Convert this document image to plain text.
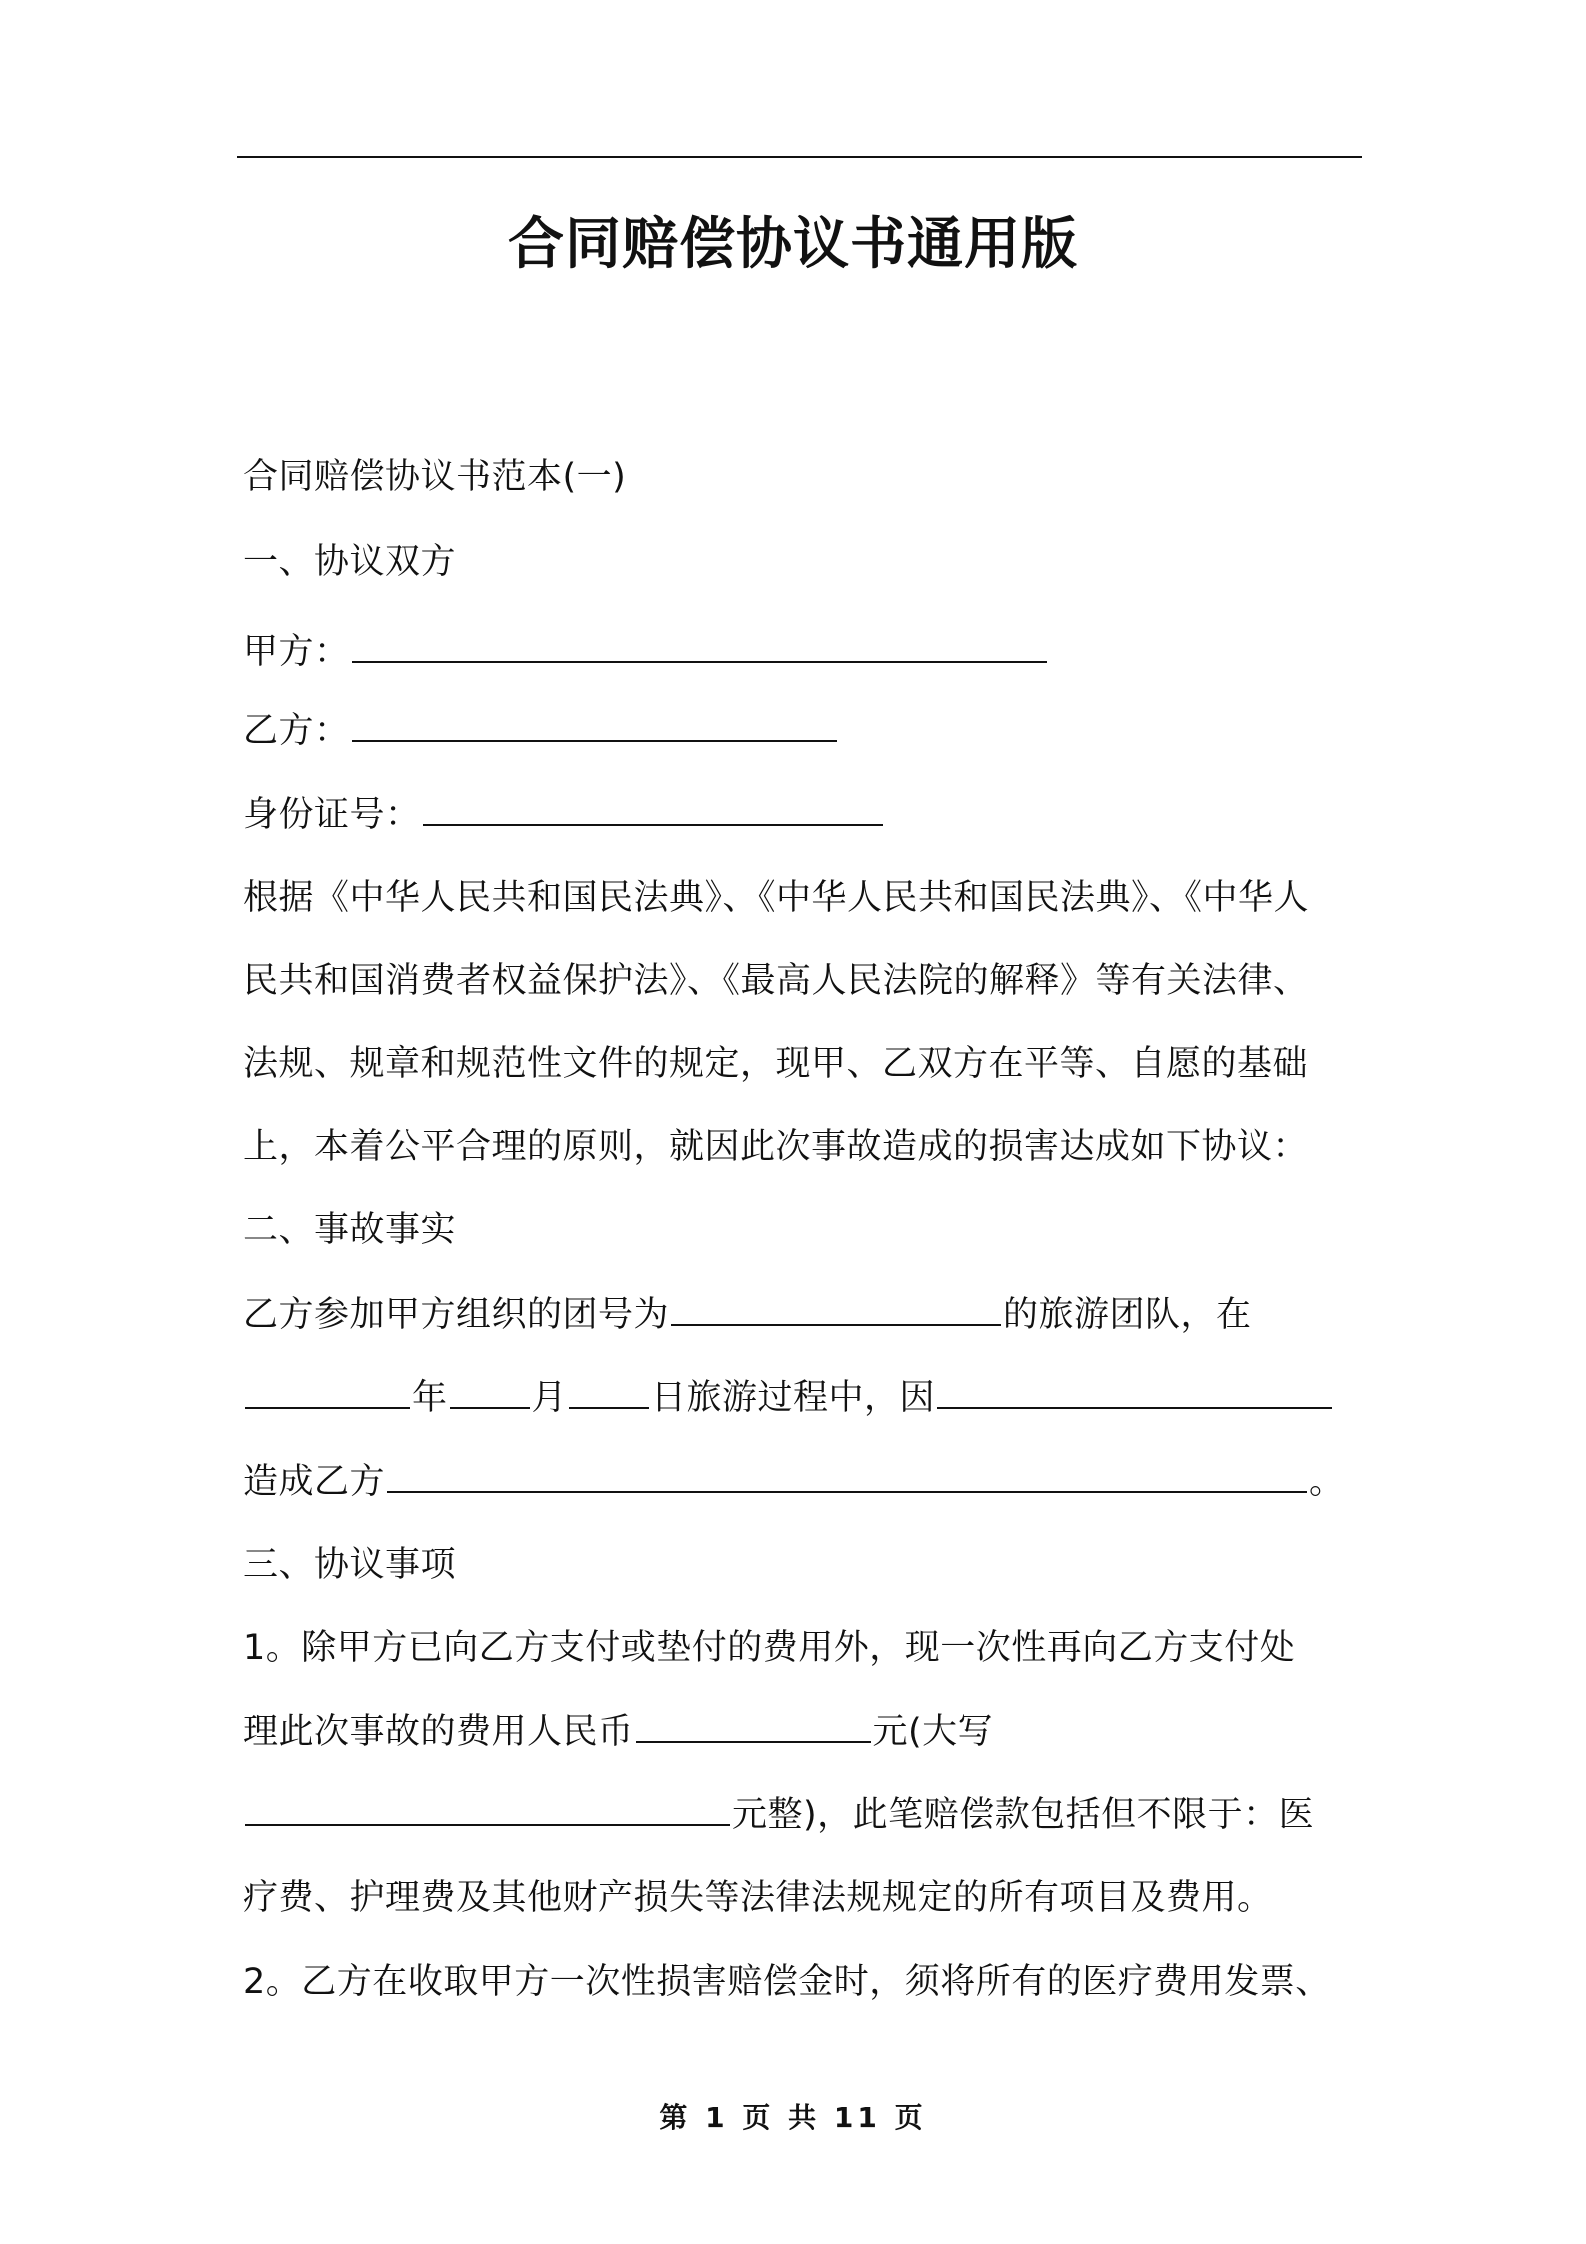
合同赔偿协议书通用版
合同赔偿协议书范本(一)
一、协议双方
甲方：
乙方：
身份证号：
根据《中华人民共和国民法典》、《中华人民共和国民法典》、《中华人
民共和国消费者权益保护法》、《最高人民法院的解释》等有关法律、
法规、规章和规范性文件的规定，现甲、乙双方在平等、自愿的基础
上，本着公平合理的原则，就因此次事故造成的损害达成如下协议：
二、事故事实
乙方参加甲方组织的团号为	的旅游团队，在
年 月 日旅游过程中，因
造成乙方	。
三、协议事项
1。除甲方已向乙方支付或垫付的费用外，现一次性再向乙方支付处
理此次事故的费用人民币	元(大写
元整)，此笔赔偿款包括但不限于：医
疗费、护理费及其他财产损失等法律法规规定的所有项目及费用。
2。乙方在收取甲方一次性损害赔偿金时，须将所有的医疗费用发票、
第 1 页 共 11 页
